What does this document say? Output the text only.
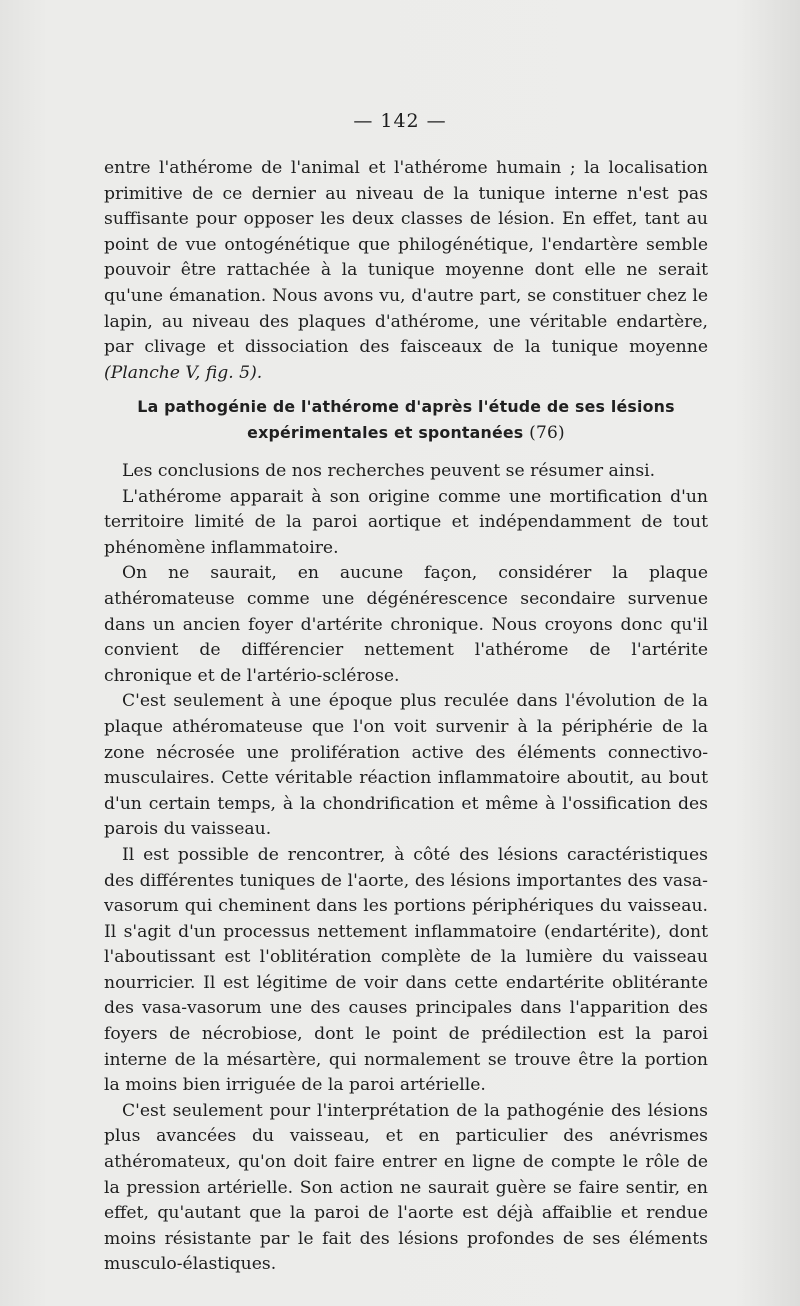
— 142 —

entre l'athérome de l'animal et l'athérome humain ; la localisation primitive de ce dernier au niveau de la tunique interne n'est pas suffisante pour opposer les deux classes de lésion. En effet, tant au point de vue ontogénétique que philogénétique, l'endartère semble pouvoir être rattachée à la tunique moyenne dont elle ne serait qu'une émanation. Nous avons vu, d'autre part, se constituer chez le lapin, au niveau des plaques d'athérome, une véritable endartère, par clivage et dissociation des faisceaux de la tunique moyenne (Planche V, fig. 5).

La pathogénie de l'athérome d'après l'étude de ses lésions
expérimentales et spontanées (76)

Les conclusions de nos recherches peuvent se résumer ainsi.

L'athérome apparait à son origine comme une mortification d'un territoire limité de la paroi aortique et indépendamment de tout phénomène inflammatoire.

On ne saurait, en aucune façon, considérer la plaque athéromateuse comme une dégénérescence secondaire survenue dans un ancien foyer d'artérite chronique. Nous croyons donc qu'il convient de différencier nettement l'athérome de l'artérite chronique et de l'artério-sclérose.

C'est seulement à une époque plus reculée dans l'évolution de la plaque athéromateuse que l'on voit survenir à la périphérie de la zone nécrosée une prolifération active des éléments connectivo-musculaires. Cette véritable réaction inflammatoire aboutit, au bout d'un certain temps, à la chondrification et même à l'ossification des parois du vaisseau.

Il est possible de rencontrer, à côté des lésions caractéristiques des différentes tuniques de l'aorte, des lésions importantes des vasa-vasorum qui cheminent dans les portions périphériques du vaisseau. Il s'agit d'un processus nettement inflammatoire (endartérite), dont l'aboutissant est l'oblitération complète de la lumière du vaisseau nourricier. Il est légitime de voir dans cette endartérite oblitérante des vasa-vasorum une des causes principales dans l'apparition des foyers de nécrobiose, dont le point de prédilection est la paroi interne de la mésartère, qui normalement se trouve être la portion la moins bien irriguée de la paroi artérielle.

C'est seulement pour l'interprétation de la pathogénie des lésions plus avancées du vaisseau, et en particulier des anévrismes athéromateux, qu'on doit faire entrer en ligne de compte le rôle de la pression artérielle. Son action ne saurait guère se faire sentir, en effet, qu'autant que la paroi de l'aorte est déjà affaiblie et rendue moins résistante par le fait des lésions profondes de ses éléments musculo-élastiques.
